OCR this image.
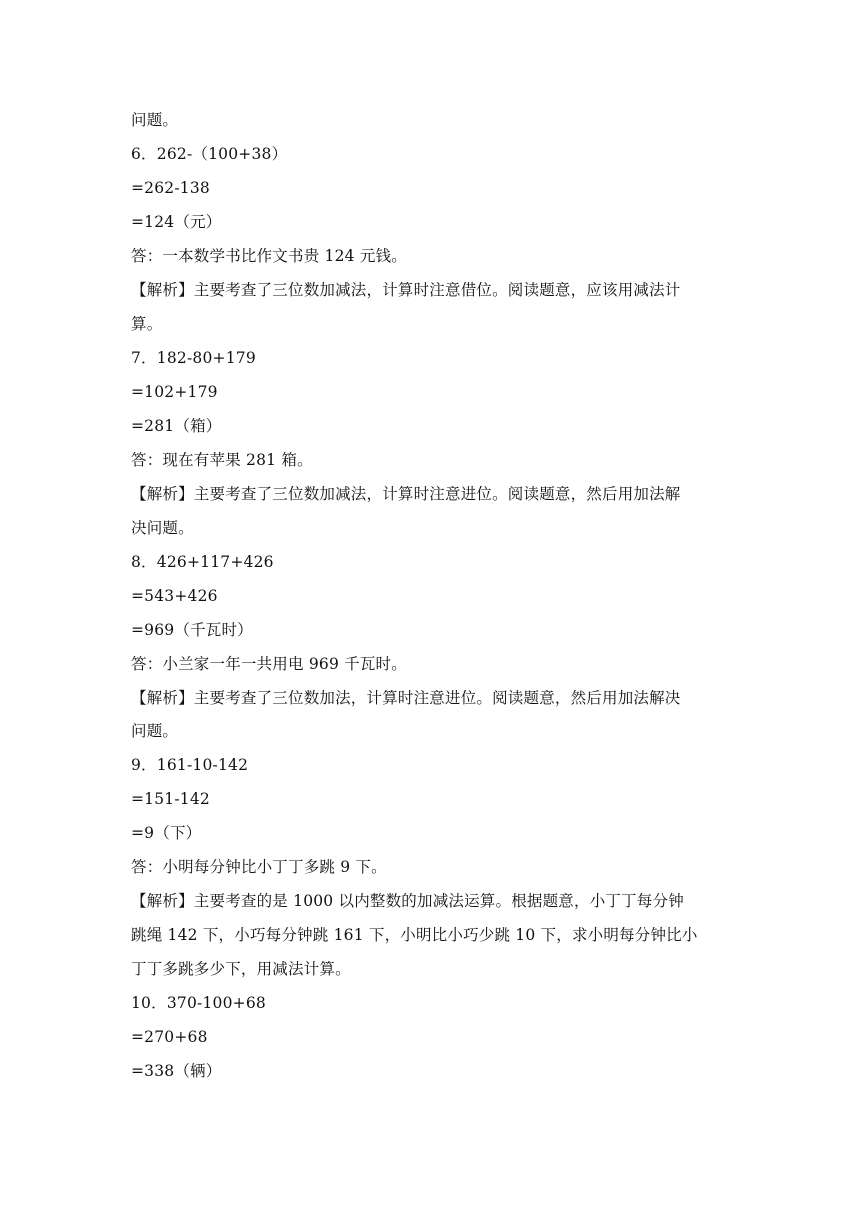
问题。
6．262-（100+38）
=262-138
=124（元）
答：一本数学书比作文书贵 124 元钱。
【解析】主要考查了三位数加减法，计算时注意借位。阅读题意，应该用减法计
算。
7．182-80+179
=102+179
=281（箱）
答：现在有苹果 281 箱。
【解析】主要考查了三位数加减法，计算时注意进位。阅读题意，然后用加法解
决问题。
8．426+117+426
=543+426
=969（千瓦时）
答：小兰家一年一共用电 969 千瓦时。
【解析】主要考查了三位数加法，计算时注意进位。阅读题意，然后用加法解决
问题。
9．161-10-142
=151-142
=9（下）
答：小明每分钟比小丁丁多跳 9 下。
【解析】主要考查的是 1000 以内整数的加减法运算。根据题意，小丁丁每分钟
跳绳 142 下，小巧每分钟跳 161 下，小明比小巧少跳 10 下，求小明每分钟比小
丁丁多跳多少下，用减法计算。
10．370-100+68
=270+68
=338（辆）
